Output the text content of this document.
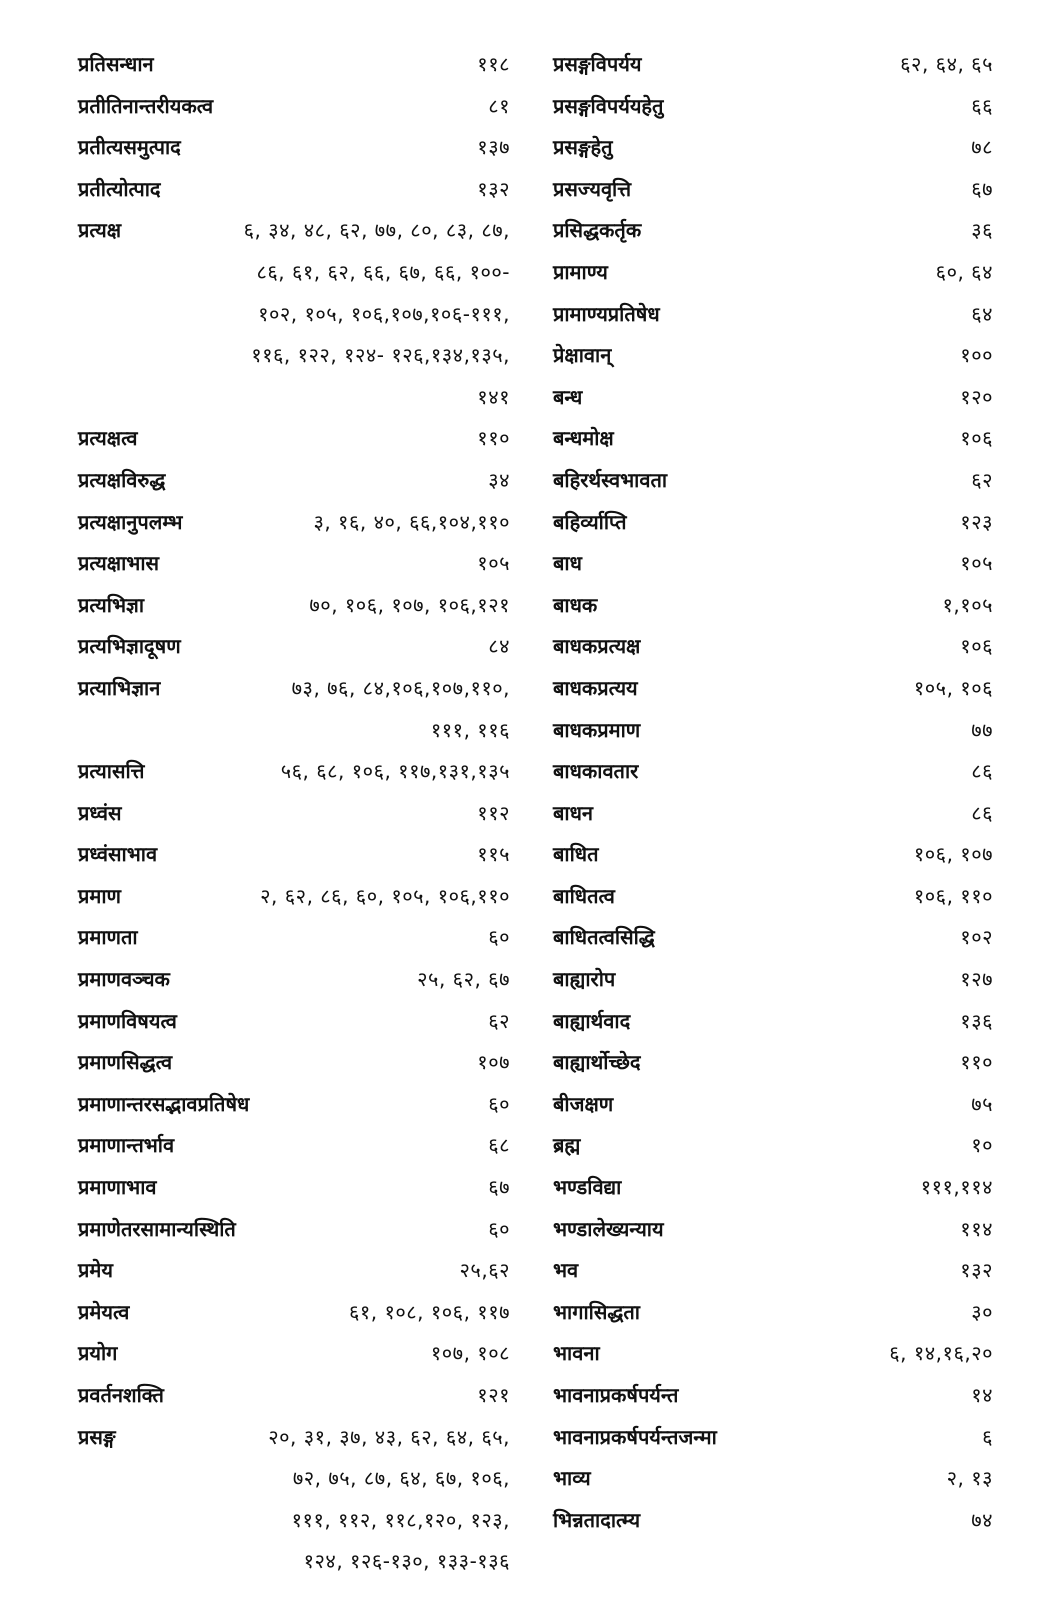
प्रतिसन्धान	११८
प्रतीतिनान्तरीयकत्व	८१
प्रतीत्यसमुत्पाद	१३७
प्रतीत्योत्पाद	१३२
प्रत्यक्ष	६, ३४, ४८, ६२, ७७, ८०, ८३, ८७,
८६, ६१, ६२, ६६, ६७, ६६, १००-
१०२, १०५, १०६,१०७,१०६-१११,
११६, १२२, १२४- १२६,१३४,१३५,
१४१
प्रत्यक्षत्व	११०
प्रत्यक्षविरुद्ध	३४
प्रत्यक्षानुपलम्भ	३, १६, ४०, ६६,१०४,११०
प्रत्यक्षाभास	१०५
प्रत्यभिज्ञा	७०, १०६, १०७, १०६,१२१
प्रत्यभिज्ञादूषण	८४
प्रत्याभिज्ञान	७३, ७६, ८४,१०६,१०७,११०,
१११, ११६
प्रत्यासत्ति	५६, ६८, १०६, ११७,१३१,१३५
प्रध्वंस	११२
प्रध्वंसाभाव	११५
प्रमाण	२, ६२, ८६, ६०, १०५, १०६,११०
प्रमाणता	६०
प्रमाणवञ्चक	२५, ६२, ६७
प्रमाणविषयत्व	६२
प्रमाणसिद्धत्व	१०७
प्रमाणान्तरसद्भावप्रतिषेध	६०
प्रमाणान्तर्भाव	६८
प्रमाणाभाव	६७
प्रमाणेतरसामान्यस्थिति	६०
प्रमेय	२५,६२
प्रमेयत्व	६१, १०८, १०६, ११७
प्रयोग	१०७, १०८
प्रवर्तनशक्ति	१२१
प्रसङ्ग	२०, ३१, ३७, ४३, ६२, ६४, ६५,
७२, ७५, ८७, ६४, ६७, १०६,
१११, ११२, ११८,१२०, १२३,
१२४, १२६-१३०, १३३-१३६
प्रसङ्गविपर्यय	६२, ६४, ६५
प्रसङ्गविपर्ययहेतु	६६
प्रसङ्गहेतु	७८
प्रसज्यवृत्ति	६७
प्रसिद्धकर्तृक	३६
प्रामाण्य	६०, ६४
प्रामाण्यप्रतिषेध	६४
प्रेक्षावान्	१००
बन्ध	१२०
बन्धमोक्ष	१०६
बहिरर्थस्वभावता	६२
बहिर्व्याप्ति	१२३
बाध	१०५
बाधक	१,१०५
बाधकप्रत्यक्ष	१०६
बाधकप्रत्यय	१०५, १०६
बाधकप्रमाण	७७
बाधकावतार	८६
बाधन	८६
बाधित	१०६, १०७
बाधितत्व	१०६, ११०
बाधितत्वसिद्धि	१०२
बाह्यारोप	१२७
बाह्यार्थवाद	१३६
बाह्यार्थोच्छेद	११०
बीजक्षण	७५
ब्रह्म	१०
भण्डविद्या	१११,११४
भण्डालेख्यन्याय	११४
भव	१३२
भागासिद्धता	३०
भावना	६, १४,१६,२०
भावनाप्रकर्षपर्यन्त	१४
भावनाप्रकर्षपर्यन्तजन्मा	६
भाव्य	२, १३
भिन्नतादात्म्य	७४
